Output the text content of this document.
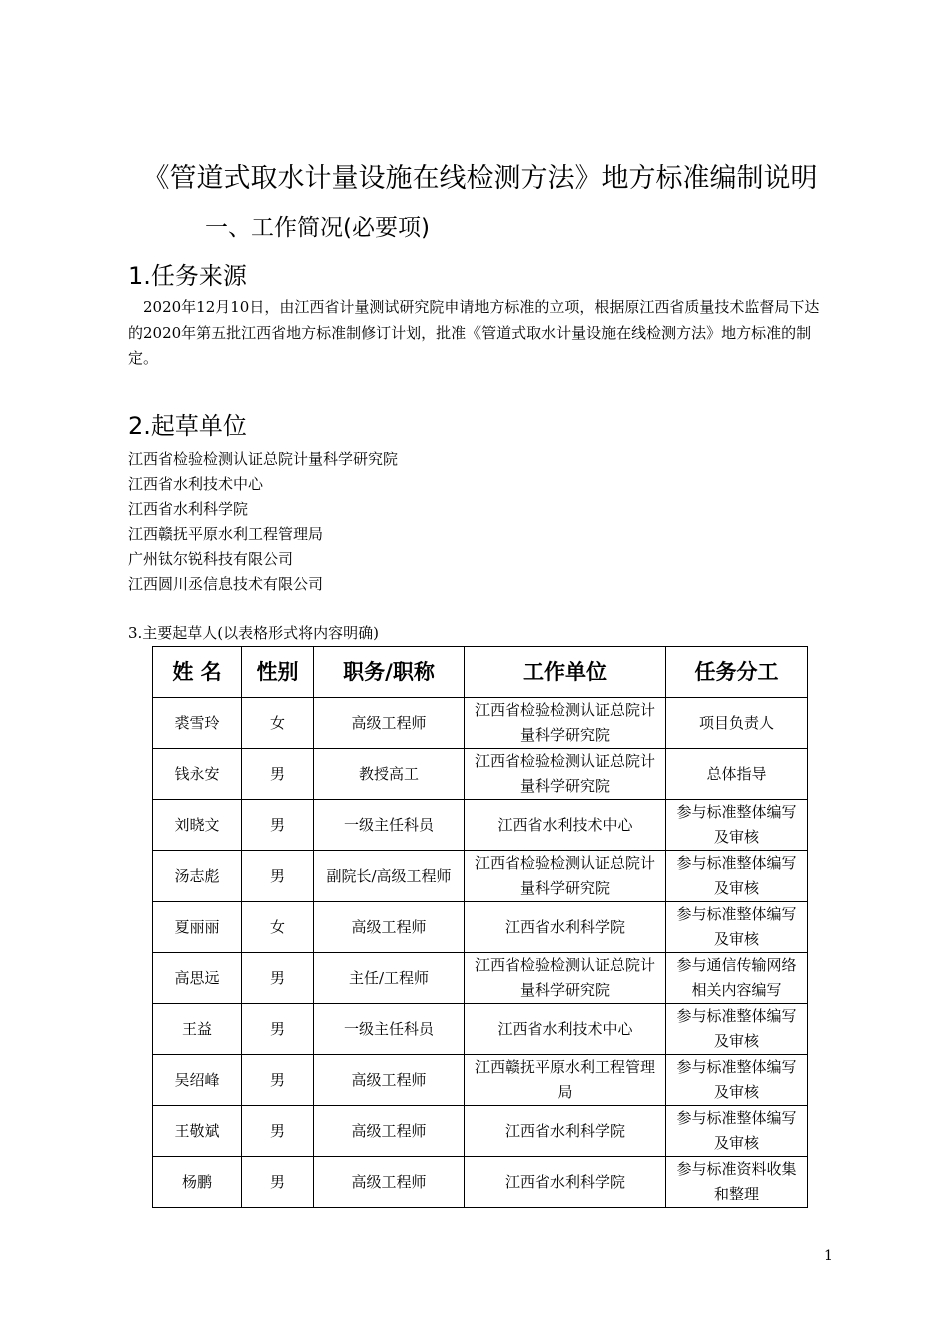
《管道式取水计量设施在线检测方法》地方标准编制说明
一、工作简况(必要项)
1.任务来源
2020年12月10日，由江西省计量测试研究院申请地方标准的立项，根据原江西省质量技术监督局下达的2020年第五批江西省地方标准制修订计划，批准《管道式取水计量设施在线检测方法》地方标准的制定。
2.起草单位
江西省检验检测认证总院计量科学研究院
江西省水利技术中心
江西省水利科学院
江西赣抚平原水利工程管理局
广州钛尔锐科技有限公司
江西圆川丞信息技术有限公司
3.主要起草人(以表格形式将内容明确)
姓 名	性别	职务/职称	工作单位	任务分工
裘雪玲	女	高级工程师	江西省检验检测认证总院计量科学研究院	项目负责人
钱永安	男	教授高工	江西省检验检测认证总院计量科学研究院	总体指导
刘晓文	男	一级主任科员	江西省水利技术中心	参与标准整体编写及审核
汤志彪	男	副院长/高级工程师	江西省检验检测认证总院计量科学研究院	参与标准整体编写及审核
夏丽丽	女	高级工程师	江西省水利科学院	参与标准整体编写及审核
高思远	男	主任/工程师	江西省检验检测认证总院计量科学研究院	参与通信传输网络相关内容编写
王益	男	一级主任科员	江西省水利技术中心	参与标准整体编写及审核
吴绍峰	男	高级工程师	江西赣抚平原水利工程管理局	参与标准整体编写及审核
王敬斌	男	高级工程师	江西省水利科学院	参与标准整体编写及审核
杨鹏	男	高级工程师	江西省水利科学院	参与标准资料收集和整理
1
